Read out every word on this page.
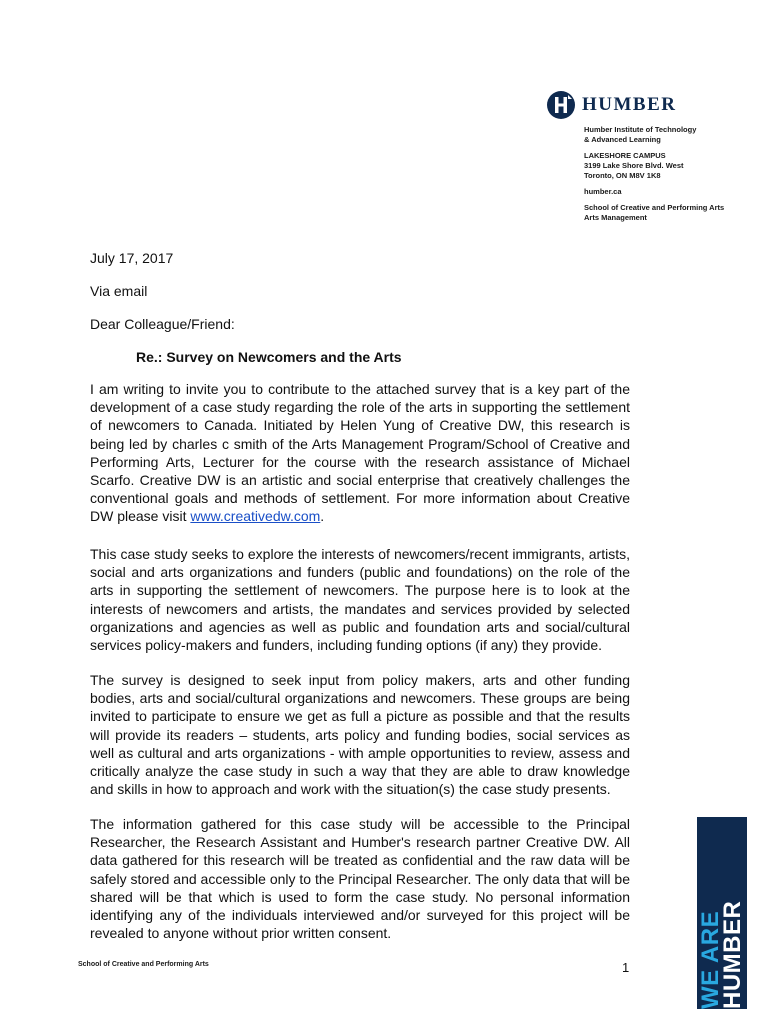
HUMBER
Humber Institute of Technology
& Advanced Learning
LAKESHORE CAMPUS
3199 Lake Shore Blvd. West
Toronto, ON M8V 1K8
humber.ca
School of Creative and Performing Arts
Arts Management
July 17, 2017
Via email
Dear Colleague/Friend:
Re.: Survey on Newcomers and the Arts

I am writing to invite you to contribute to the attached survey that is a key part of the development of a case study regarding the role of the arts in supporting the settlement of newcomers to Canada. Initiated by Helen Yung of Creative DW, this research is being led by charles c smith of the Arts Management Program/School of Creative and Performing Arts, Lecturer for the course with the research assistance of Michael Scarfo. Creative DW is an artistic and social enterprise that creatively challenges the conventional goals and methods of settlement. For more information about Creative DW please visit www.creativedw.com.

This case study seeks to explore the interests of newcomers/recent immigrants, artists, social and arts organizations and funders (public and foundations) on the role of the arts in supporting the settlement of newcomers. The purpose here is to look at the interests of newcomers and artists, the mandates and services provided by selected organizations and agencies as well as public and foundation arts and social/cultural services policy-makers and funders, including funding options (if any) they provide.

The survey is designed to seek input from policy makers, arts and other funding bodies, arts and social/cultural organizations and newcomers. These groups are being invited to participate to ensure we get as full a picture as possible and that the results will provide its readers – students, arts policy and funding bodies, social services as well as cultural and arts organizations - with ample opportunities to review, assess and critically analyze the case study in such a way that they are able to draw knowledge and skills in how to approach and work with the situation(s) the case study presents.

The information gathered for this case study will be accessible to the Principal Researcher, the Research Assistant and Humber's research partner Creative DW. All data gathered for this research will be treated as confidential and the raw data will be safely stored and accessible only to the Principal Researcher. The only data that will be shared will be that which is used to form the case study. No personal information identifying any of the individuals interviewed and/or surveyed for this project will be revealed to anyone without prior written consent.

School of Creative and Performing Arts	1	WE ARE
HUMBER
